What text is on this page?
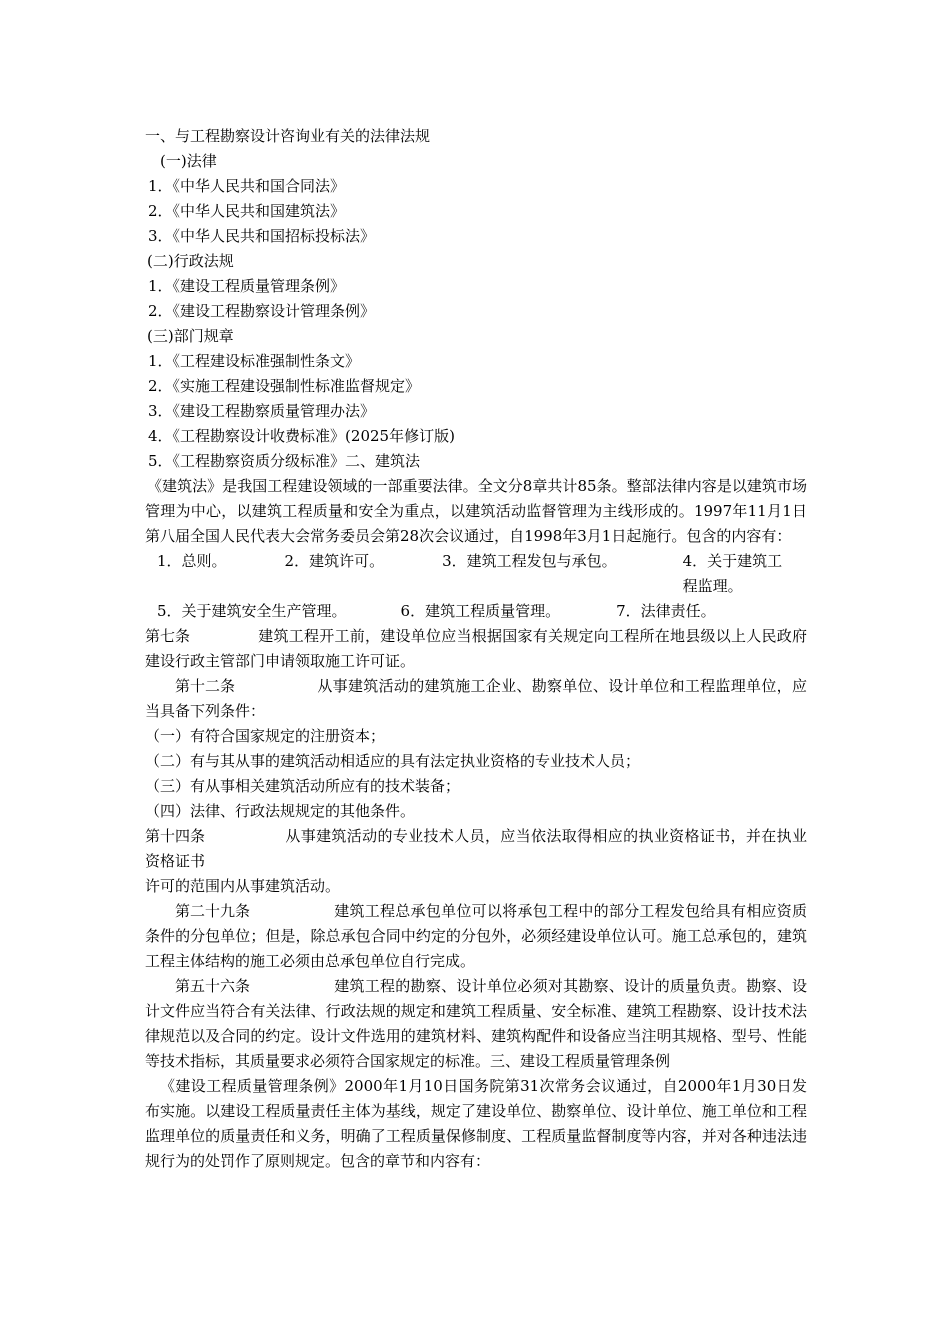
一、与工程勘察设计咨询业有关的法律法规
(一)法律
1．《中华人民共和国合同法》
2．《中华人民共和国建筑法》
3．《中华人民共和国招标投标法》
(二)行政法规
1．《建设工程质量管理条例》
2．《建设工程勘察设计管理条例》
(三)部门规章
1．《工程建设标准强制性条文》
2．《实施工程建设强制性标准监督规定》
3．《建设工程勘察质量管理办法》
4．《工程勘察设计收费标准》(2025年修订版)
5．《工程勘察资质分级标准》二、建筑法
《建筑法》是我国工程建设领域的一部重要法律。全文分8章共计85条。整部法律内容是以建筑市场管理为中心，以建筑工程质量和安全为重点，以建筑活动监督管理为主线形成的。1997年11月1日第八届全国人民代表大会常务委员会第28次会议通过，自1998年3月1日起施行。包含的内容有：
1．总则。	2．建筑许可。	3．建筑工程发包与承包。	4．关于建筑工程监理。
5．关于建筑安全生产管理。	6．建筑工程质量管理。	7．法律责任。
第七条	建筑工程开工前，建设单位应当根据国家有关规定向工程所在地县级以上人民政府建设行政主管部门申请领取施工许可证。
第十二条	从事建筑活动的建筑施工企业、勘察单位、设计单位和工程监理单位，应当具备下列条件：
（一）有符合国家规定的注册资本；
（二）有与其从事的建筑活动相适应的具有法定执业资格的专业技术人员；
（三）有从事相关建筑活动所应有的技术装备；
（四）法律、行政法规规定的其他条件。
第十四条	从事建筑活动的专业技术人员，应当依法取得相应的执业资格证书，并在执业资格证书
许可的范围内从事建筑活动。
第二十九条	建筑工程总承包单位可以将承包工程中的部分工程发包给具有相应资质条件的分包单位；但是，除总承包合同中约定的分包外，必须经建设单位认可。施工总承包的，建筑工程主体结构的施工必须由总承包单位自行完成。
第五十六条	建筑工程的勘察、设计单位必须对其勘察、设计的质量负责。勘察、设计文件应当符合有关法律、行政法规的规定和建筑工程质量、安全标准、建筑工程勘察、设计技术法律规范以及合同的约定。设计文件选用的建筑材料、建筑构配件和设备应当注明其规格、型号、性能等技术指标，其质量要求必须符合国家规定的标准。三、建设工程质量管理条例
《建设工程质量管理条例》2000年1月10日国务院第31次常务会议通过，自2000年1月30日发布实施。以建设工程质量责任主体为基线，规定了建设单位、勘察单位、设计单位、施工单位和工程监理单位的质量责任和义务，明确了工程质量保修制度、工程质量监督制度等内容，并对各种违法违规行为的处罚作了原则规定。包含的章节和内容有：
